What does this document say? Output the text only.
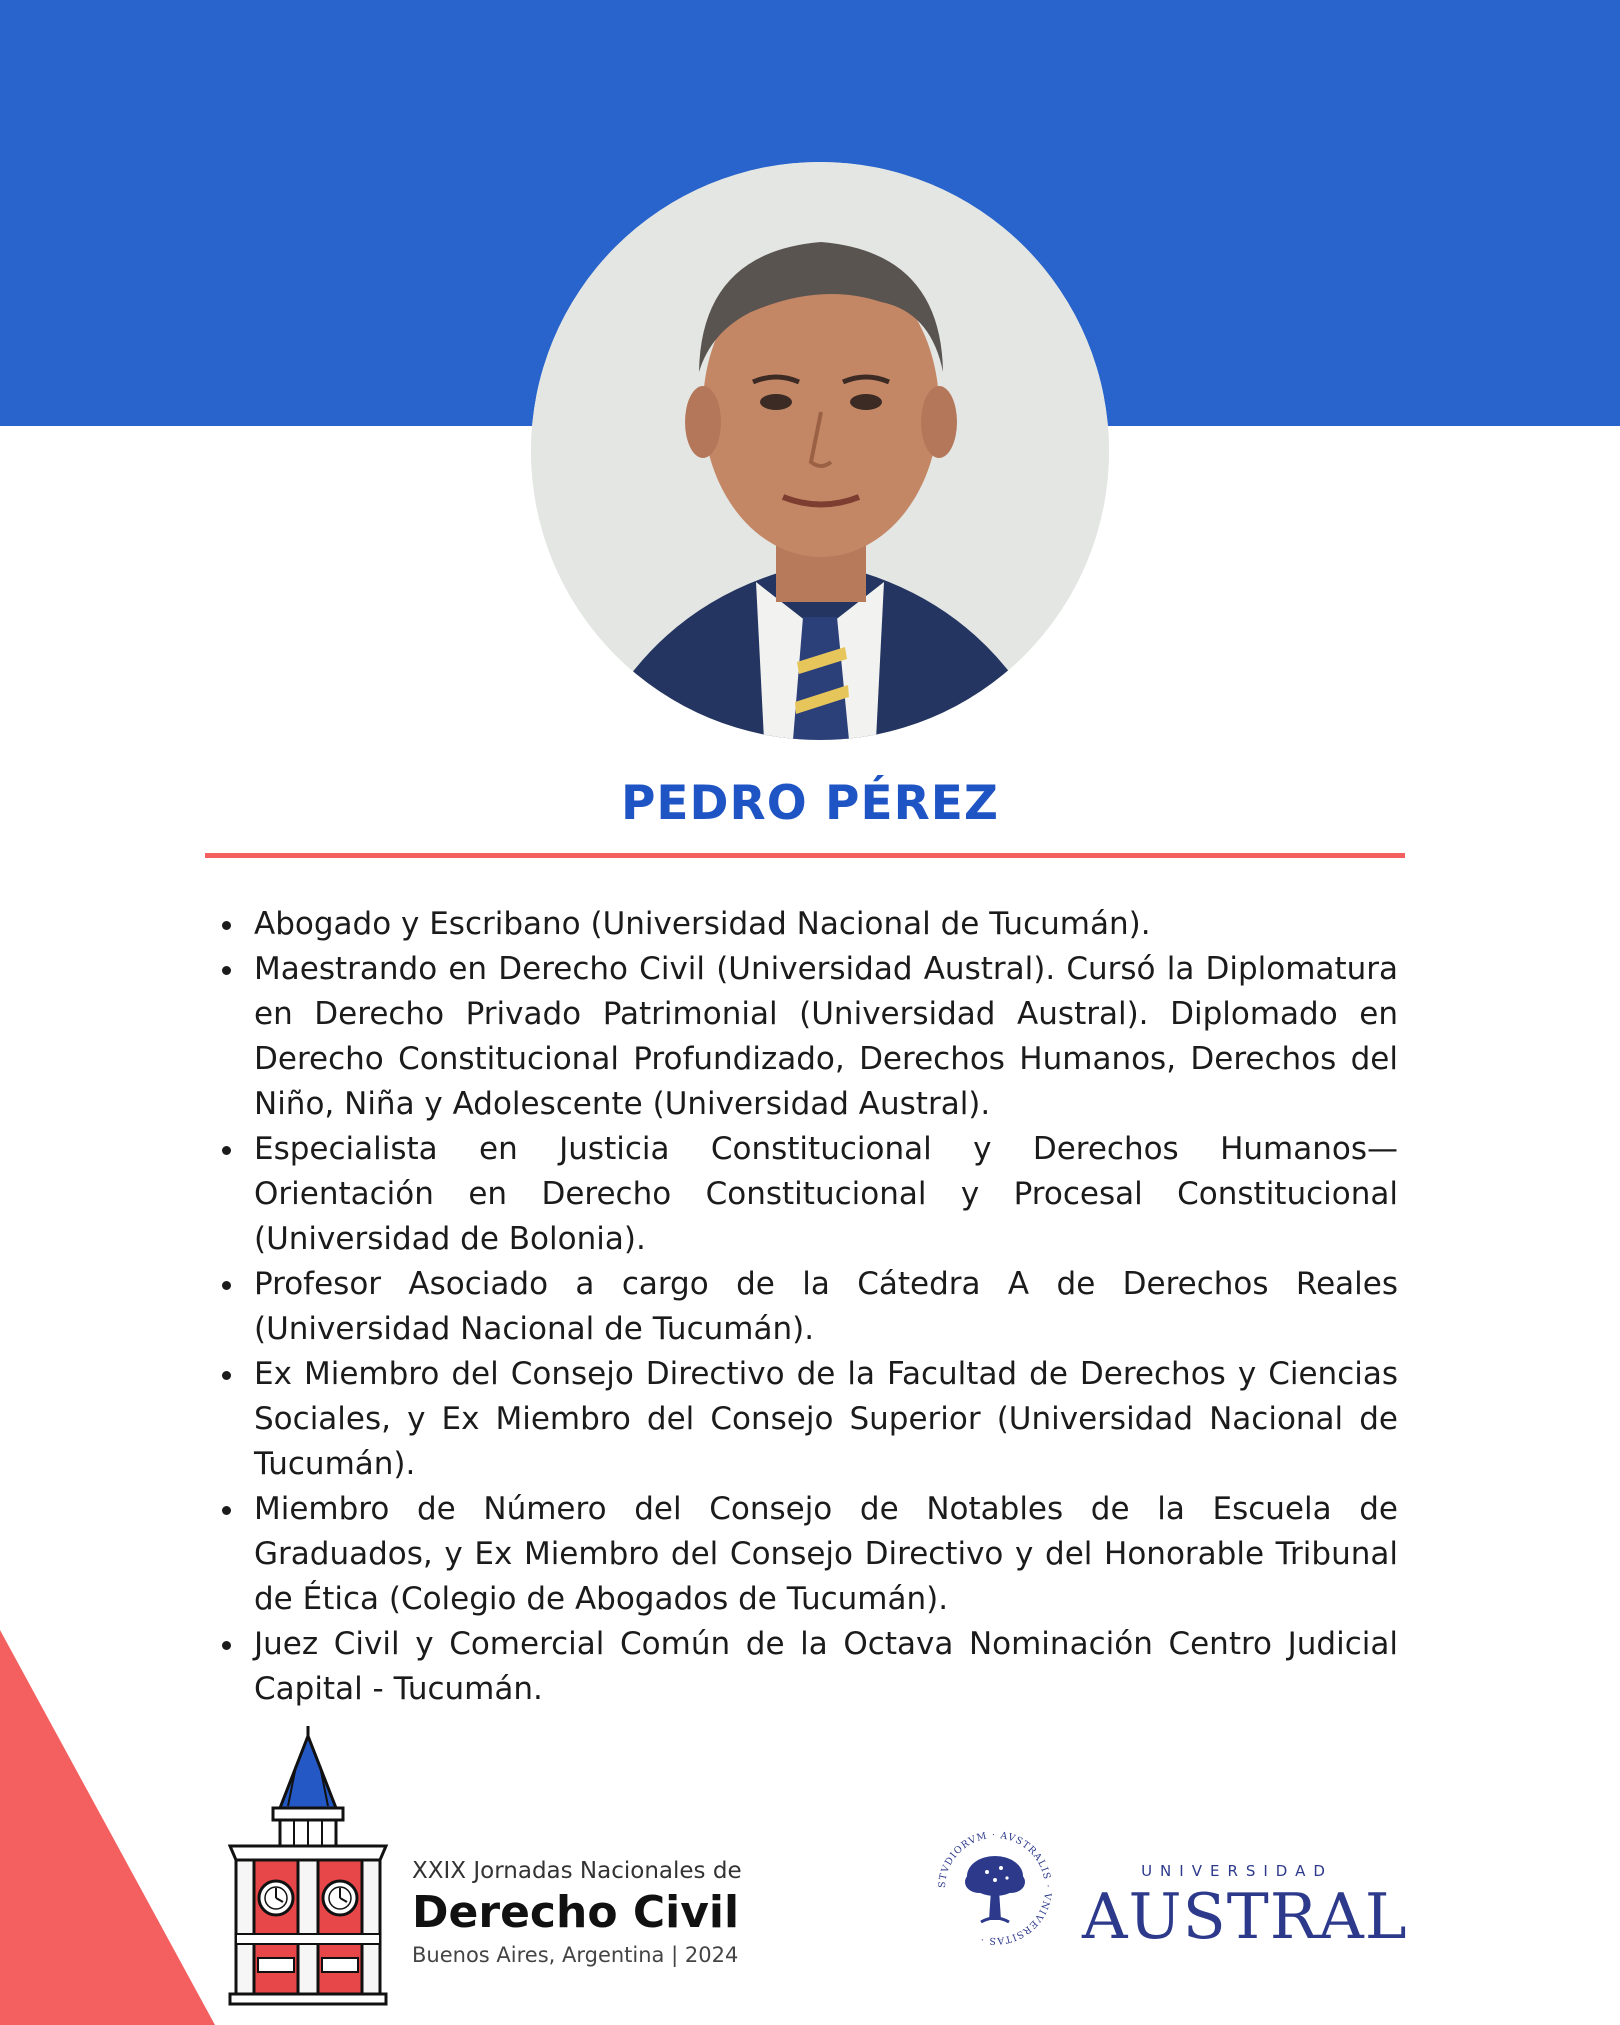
PEDRO PÉREZ
Abogado y Escribano (Universidad Nacional de Tucumán).
Maestrando en Derecho Civil (Universidad Austral). Cursó la Diplomatura en Derecho Privado Patrimonial (Universidad Austral). Diplomado en Derecho Constitucional Profundizado, Derechos Humanos, Derechos del Niño, Niña y Adolescente (Universidad Austral).
Especialista en Justicia Constitucional y Derechos Humanos— Orientación en Derecho Constitucional y Procesal Constitucional (Universidad de Bolonia).
Profesor Asociado a cargo de la Cátedra A de Derechos Reales (Universidad Nacional de Tucumán).
Ex Miembro del Consejo Directivo de la Facultad de Derechos y Ciencias Sociales, y Ex Miembro del Consejo Superior (Universidad Nacional de Tucumán).
Miembro de Número del Consejo de Notables de la Escuela de Graduados, y Ex Miembro del Consejo Directivo y del Honorable Tribunal de Ética (Colegio de Abogados de Tucumán).
Juez Civil y Comercial Común de la Octava Nominación Centro Judicial Capital - Tucumán.
XXIX Jornadas Nacionales de
Derecho Civil
Buenos Aires, Argentina | 2024
STVDIORVM · AVSTRALIS · VNIVERSITAS ·
UNIVERSIDAD
AUSTRAL
